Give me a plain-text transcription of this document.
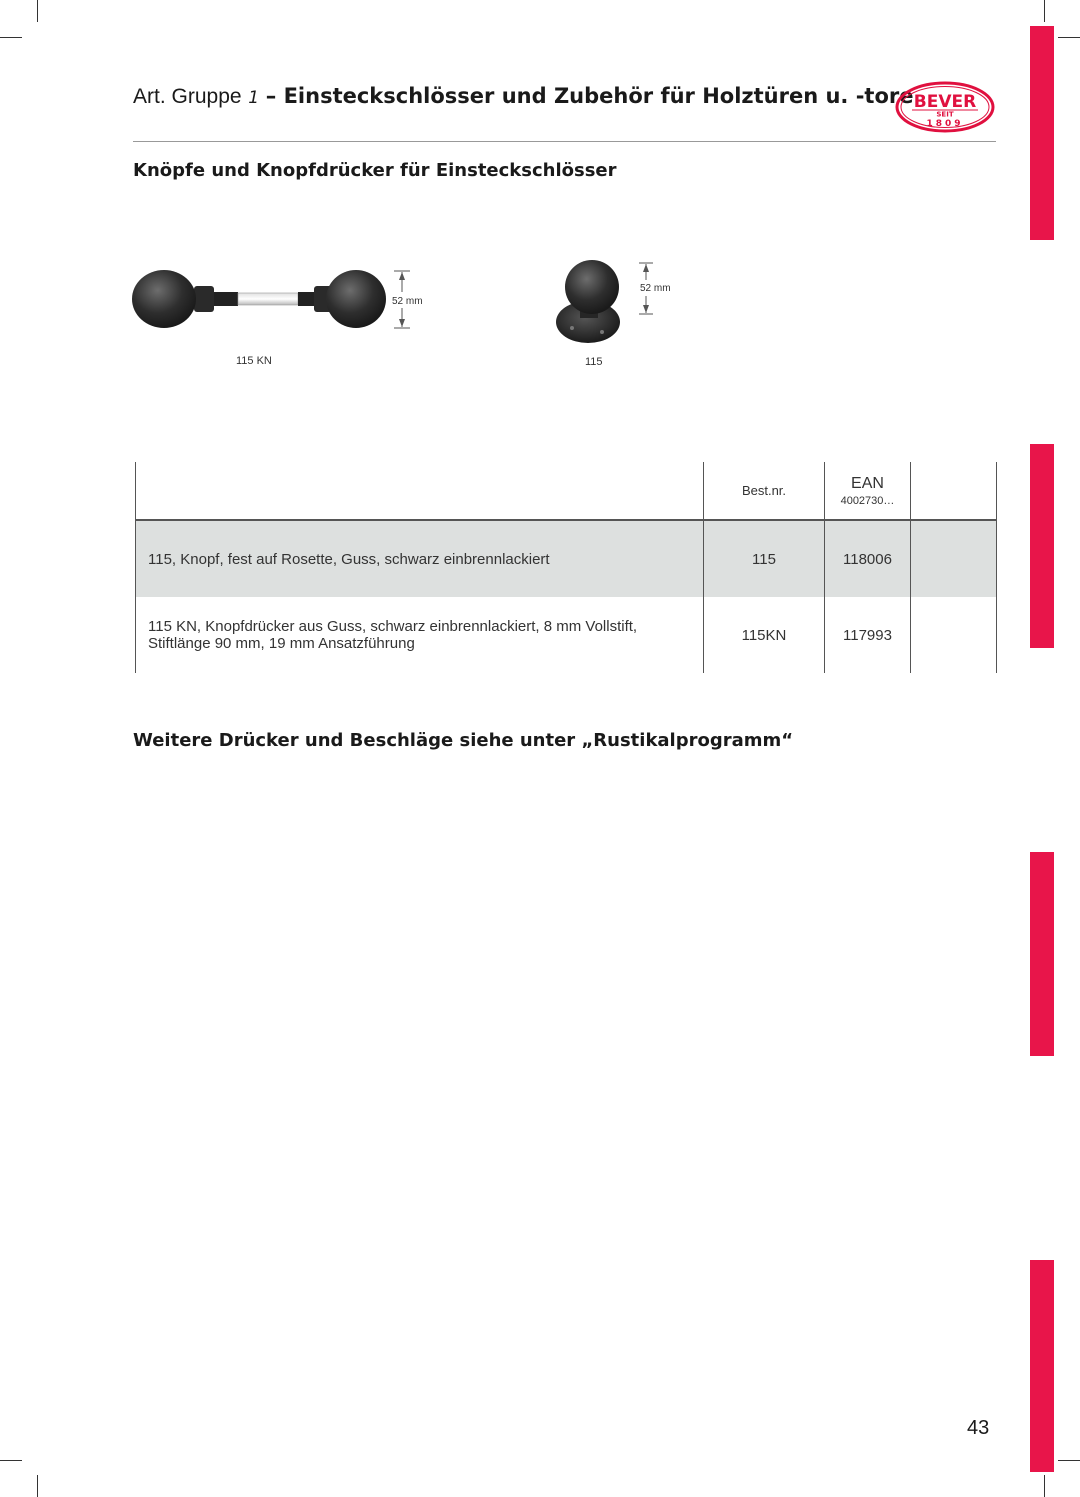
Art. Gruppe 1 – Einsteckschlösser und Zubehör für Holztüren u. -tore BEVER
SEIT
1809
Knöpfe und Knopfdrücker für Einsteckschlösser
52 mm
115 KN
52 mm
115
	Best.nr.	EAN
4002730…	

115, Knopf, fest auf Rosette, Guss, schwarz einbrennlackiert	115	118006	
115 KN, Knopfdrücker aus Guss, schwarz einbrennlackiert, 8 mm Vollstift, Stiftlänge 90 mm, 19 mm Ansatzführung	115KN	117993	
Weitere Drücker und Beschläge siehe unter „Rustikalprogramm“
43
